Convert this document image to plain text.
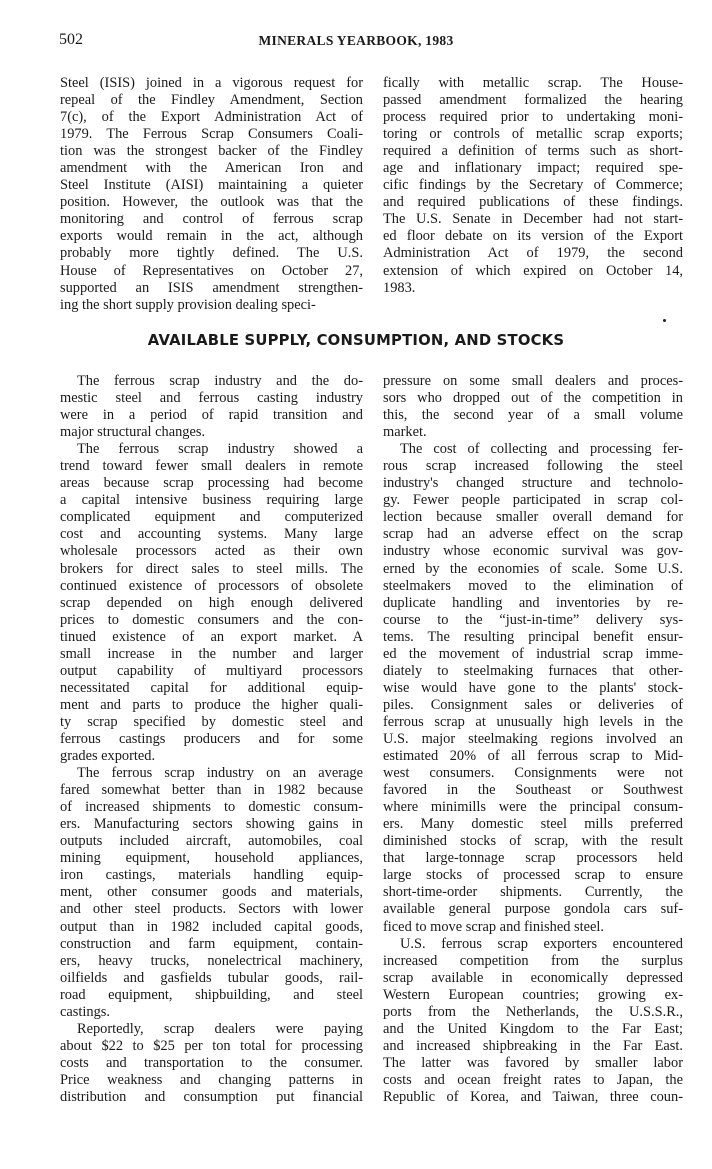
502	MINERALS YEARBOOK, 1983
Steel (ISIS) joined in a vigorous request for
repeal of the Findley Amendment, Section
7(c), of the Export Administration Act of
1979. The Ferrous Scrap Consumers Coali-
tion was the strongest backer of the Findley
amendment with the American Iron and
Steel Institute (AISI) maintaining a quieter
position. However, the outlook was that the
monitoring and control of ferrous scrap
exports would remain in the act, although
probably more tightly defined. The U.S.
House of Representatives on October 27,
supported an ISIS amendment strengthen-
ing the short supply provision dealing speci-
fically with metallic scrap. The House-
passed amendment formalized the hearing
process required prior to undertaking moni-
toring or controls of metallic scrap exports;
required a definition of terms such as short-
age and inflationary impact; required spe-
cific findings by the Secretary of Commerce;
and required publications of these findings.
The U.S. Senate in December had not start-
ed floor debate on its version of the Export
Administration Act of 1979, the second
extension of which expired on October 14,
1983.
AVAILABLE SUPPLY, CONSUMPTION, AND STOCKS
The ferrous scrap industry and the do-
mestic steel and ferrous casting industry
were in a period of rapid transition and
major structural changes.
The ferrous scrap industry showed a
trend toward fewer small dealers in remote
areas because scrap processing had become
a capital intensive business requiring large
complicated equipment and computerized
cost and accounting systems. Many large
wholesale processors acted as their own
brokers for direct sales to steel mills. The
continued existence of processors of obsolete
scrap depended on high enough delivered
prices to domestic consumers and the con-
tinued existence of an export market. A
small increase in the number and larger
output capability of multiyard processors
necessitated capital for additional equip-
ment and parts to produce the higher quali-
ty scrap specified by domestic steel and
ferrous castings producers and for some
grades exported.
The ferrous scrap industry on an average
fared somewhat better than in 1982 because
of increased shipments to domestic consum-
ers. Manufacturing sectors showing gains in
outputs included aircraft, automobiles, coal
mining equipment, household appliances,
iron castings, materials handling equip-
ment, other consumer goods and materials,
and other steel products. Sectors with lower
output than in 1982 included capital goods,
construction and farm equipment, contain-
ers, heavy trucks, nonelectrical machinery,
oilfields and gasfields tubular goods, rail-
road equipment, shipbuilding, and steel
castings.
Reportedly, scrap dealers were paying
about $22 to $25 per ton total for processing
costs and transportation to the consumer.
Price weakness and changing patterns in
distribution and consumption put financial
pressure on some small dealers and proces-
sors who dropped out of the competition in
this, the second year of a small volume
market.
The cost of collecting and processing fer-
rous scrap increased following the steel
industry's changed structure and technolo-
gy. Fewer people participated in scrap col-
lection because smaller overall demand for
scrap had an adverse effect on the scrap
industry whose economic survival was gov-
erned by the economies of scale. Some U.S.
steelmakers moved to the elimination of
duplicate handling and inventories by re-
course to the “just-in-time” delivery sys-
tems. The resulting principal benefit ensur-
ed the movement of industrial scrap imme-
diately to steelmaking furnaces that other-
wise would have gone to the plants' stock-
piles. Consignment sales or deliveries of
ferrous scrap at unusually high levels in the
U.S. major steelmaking regions involved an
estimated 20% of all ferrous scrap to Mid-
west consumers. Consignments were not
favored in the Southeast or Southwest
where minimills were the principal consum-
ers. Many domestic steel mills preferred
diminished stocks of scrap, with the result
that large-tonnage scrap processors held
large stocks of processed scrap to ensure
short-time-order shipments. Currently, the
available general purpose gondola cars suf-
ficed to move scrap and finished steel.
U.S. ferrous scrap exporters encountered
increased competition from the surplus
scrap available in economically depressed
Western European countries; growing ex-
ports from the Netherlands, the U.S.S.R.,
and the United Kingdom to the Far East;
and increased shipbreaking in the Far East.
The latter was favored by smaller labor
costs and ocean freight rates to Japan, the
Republic of Korea, and Taiwan, three coun-
